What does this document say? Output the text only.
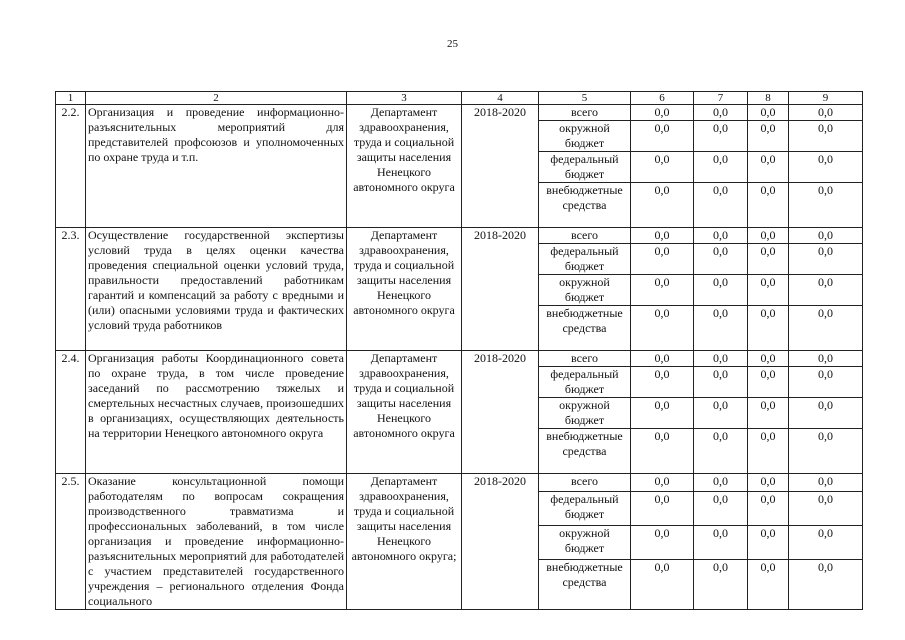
25
1	2	3	4	5	6	7	8	9
2.2.	Организация и проведение информационно-разъяснительных мероприятий для представителей профсоюзов и уполномоченных по охране труда и т.п.	Департамент здравоохранения, труда и социальной защиты населения Ненецкого автономного округа	2018-2020	всего	0,0	0,0	0,0	0,0
				окружной бюджет	0,0	0,0	0,0	0,0
				федеральный бюджет	0,0	0,0	0,0	0,0
				внебюджетные средства	0,0	0,0	0,0	0,0
2.3.	Осуществление государственной экспертизы условий труда в целях оценки качества проведения специальной оценки условий труда, правильности предоставлений работникам гарантий и компенсаций за работу с вредными и (или) опасными условиями труда и фактических условий труда работников	Департамент здравоохранения, труда и социальной защиты населения Ненецкого автономного округа	2018-2020	всего	0,0	0,0	0,0	0,0
				федеральный бюджет	0,0	0,0	0,0	0,0
				окружной бюджет	0,0	0,0	0,0	0,0
				внебюджетные средства	0,0	0,0	0,0	0,0
2.4.	Организация работы Координационного совета по охране труда, в том числе проведение заседаний по рассмотрению тяжелых и смертельных несчастных случаев, произошедших в организациях, осуществляющих деятельность на территории Ненецкого автономного округа	Департамент здравоохранения, труда и социальной защиты населения Ненецкого автономного округа	2018-2020	всего	0,0	0,0	0,0	0,0
				федеральный бюджет	0,0	0,0	0,0	0,0
				окружной бюджет	0,0	0,0	0,0	0,0
				внебюджетные средства	0,0	0,0	0,0	0,0
2.5.	Оказание консультационной помощи работодателям по вопросам сокращения производственного травматизма и профессиональных заболеваний, в том числе организация и проведение информационно-разъяснительных мероприятий для работодателей с участием представителей государственного учреждения – регионального отделения Фонда социального	Департамент здравоохранения, труда и социальной защиты населения Ненецкого автономного округа;	2018-2020	всего	0,0	0,0	0,0	0,0
				федеральный бюджет	0,0	0,0	0,0	0,0
				окружной бюджет	0,0	0,0	0,0	0,0
				внебюджетные средства	0,0	0,0	0,0	0,0
